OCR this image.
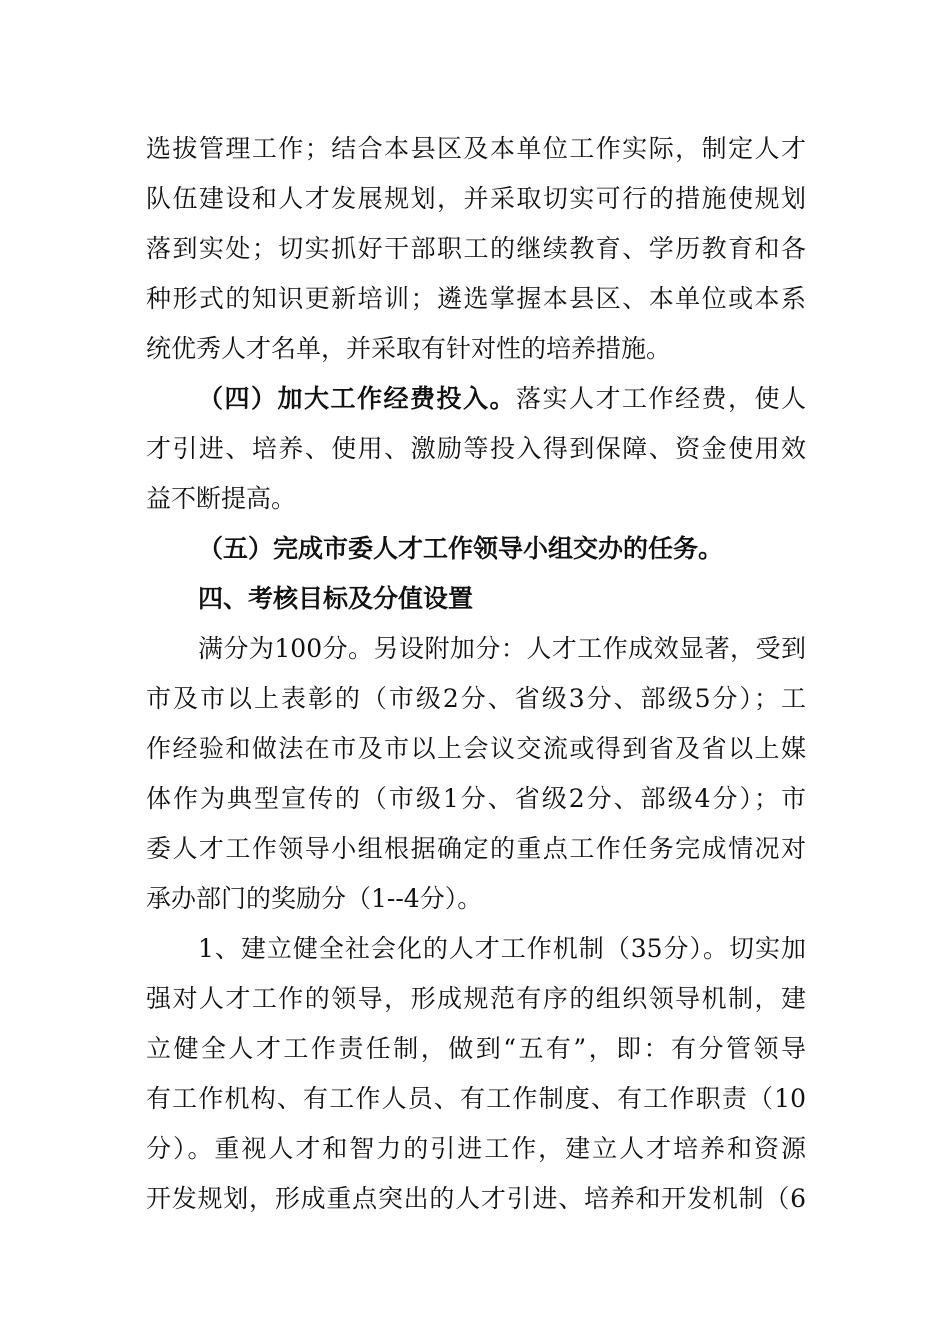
选拔管理工作；结合本县区及本单位工作实际，制定人才
队伍建设和人才发展规划，并采取切实可行的措施使规划
落到实处；切实抓好干部职工的继续教育、学历教育和各
种形式的知识更新培训；遴选掌握本县区、本单位或本系
统优秀人才名单，并采取有针对性的培养措施。
（四）加大工作经费投入。落实人才工作经费，使人
才引进、培养、使用、激励等投入得到保障、资金使用效
益不断提高。
（五）完成市委人才工作领导小组交办的任务。
四、考核目标及分值设置
满分为100分。另设附加分：人才工作成效显著，受到
市及市以上表彰的（市级2分、省级3分、部级5分）；工
作经验和做法在市及市以上会议交流或得到省及省以上媒
体作为典型宣传的（市级1分、省级2分、部级4分）；市
委人才工作领导小组根据确定的重点工作任务完成情况对
承办部门的奖励分（1--4分）。
1、建立健全社会化的人才工作机制（35分）。切实加
强对人才工作的领导，形成规范有序的组织领导机制，建
立健全人才工作责任制，做到“五有”，即：有分管领导
有工作机构、有工作人员、有工作制度、有工作职责（10
分）。重视人才和智力的引进工作，建立人才培养和资源
开发规划，形成重点突出的人才引进、培养和开发机制（6
